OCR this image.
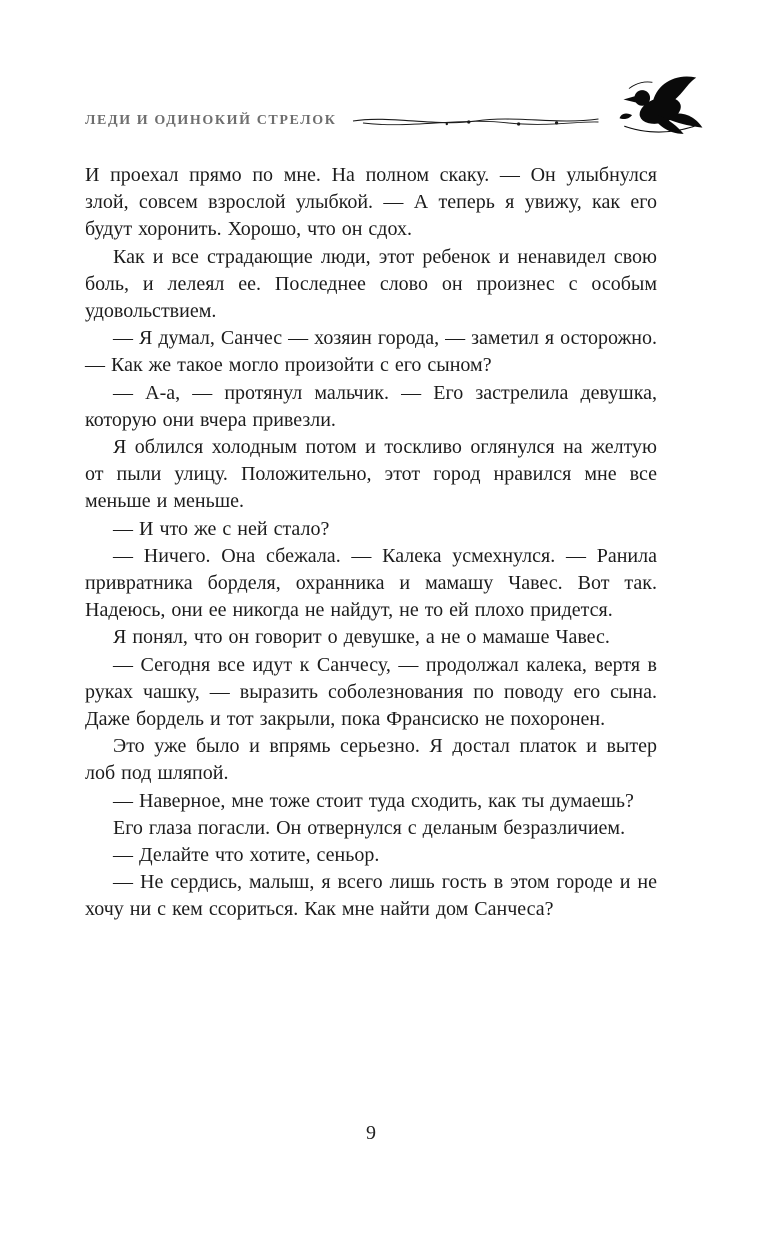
ЛЕДИ И ОДИНОКИЙ СТРЕЛОК

И проехал прямо по мне. На полном скаку. — Он улыбнулся злой, совсем взрослой улыбкой. — А теперь я увижу, как его будут хоронить. Хорошо, что он сдох.

Как и все страдающие люди, этот ребенок и ненавидел свою боль, и лелеял ее. Последнее слово он произнес с особым удовольствием.

— Я думал, Санчес — хозяин города, — заметил я осторожно. — Как же такое могло произойти с его сыном?

— А-а, — протянул мальчик. — Его застрелила девушка, которую они вчера привезли.

Я облился холодным потом и тоскливо оглянулся на желтую от пыли улицу. Положительно, этот город нравился мне все меньше и меньше.

— И что же с ней стало?

— Ничего. Она сбежала. — Калека усмехнулся. — Ранила привратника борделя, охранника и мамашу Чавес. Вот так. Надеюсь, они ее никогда не найдут, не то ей плохо придется.

Я понял, что он говорит о девушке, а не о мамаше Чавес.

— Сегодня все идут к Санчесу, — продолжал калека, вертя в руках чашку, — выразить соболезнования по поводу его сына. Даже бордель и тот закрыли, пока Франсиско не похоронен.

Это уже было и впрямь серьезно. Я достал платок и вытер лоб под шляпой.

— Наверное, мне тоже стоит туда сходить, как ты думаешь?

Его глаза погасли. Он отвернулся с деланым безразличием.

— Делайте что хотите, сеньор.

— Не сердись, малыш, я всего лишь гость в этом городе и не хочу ни с кем ссориться. Как мне найти дом Санчеса?

9
